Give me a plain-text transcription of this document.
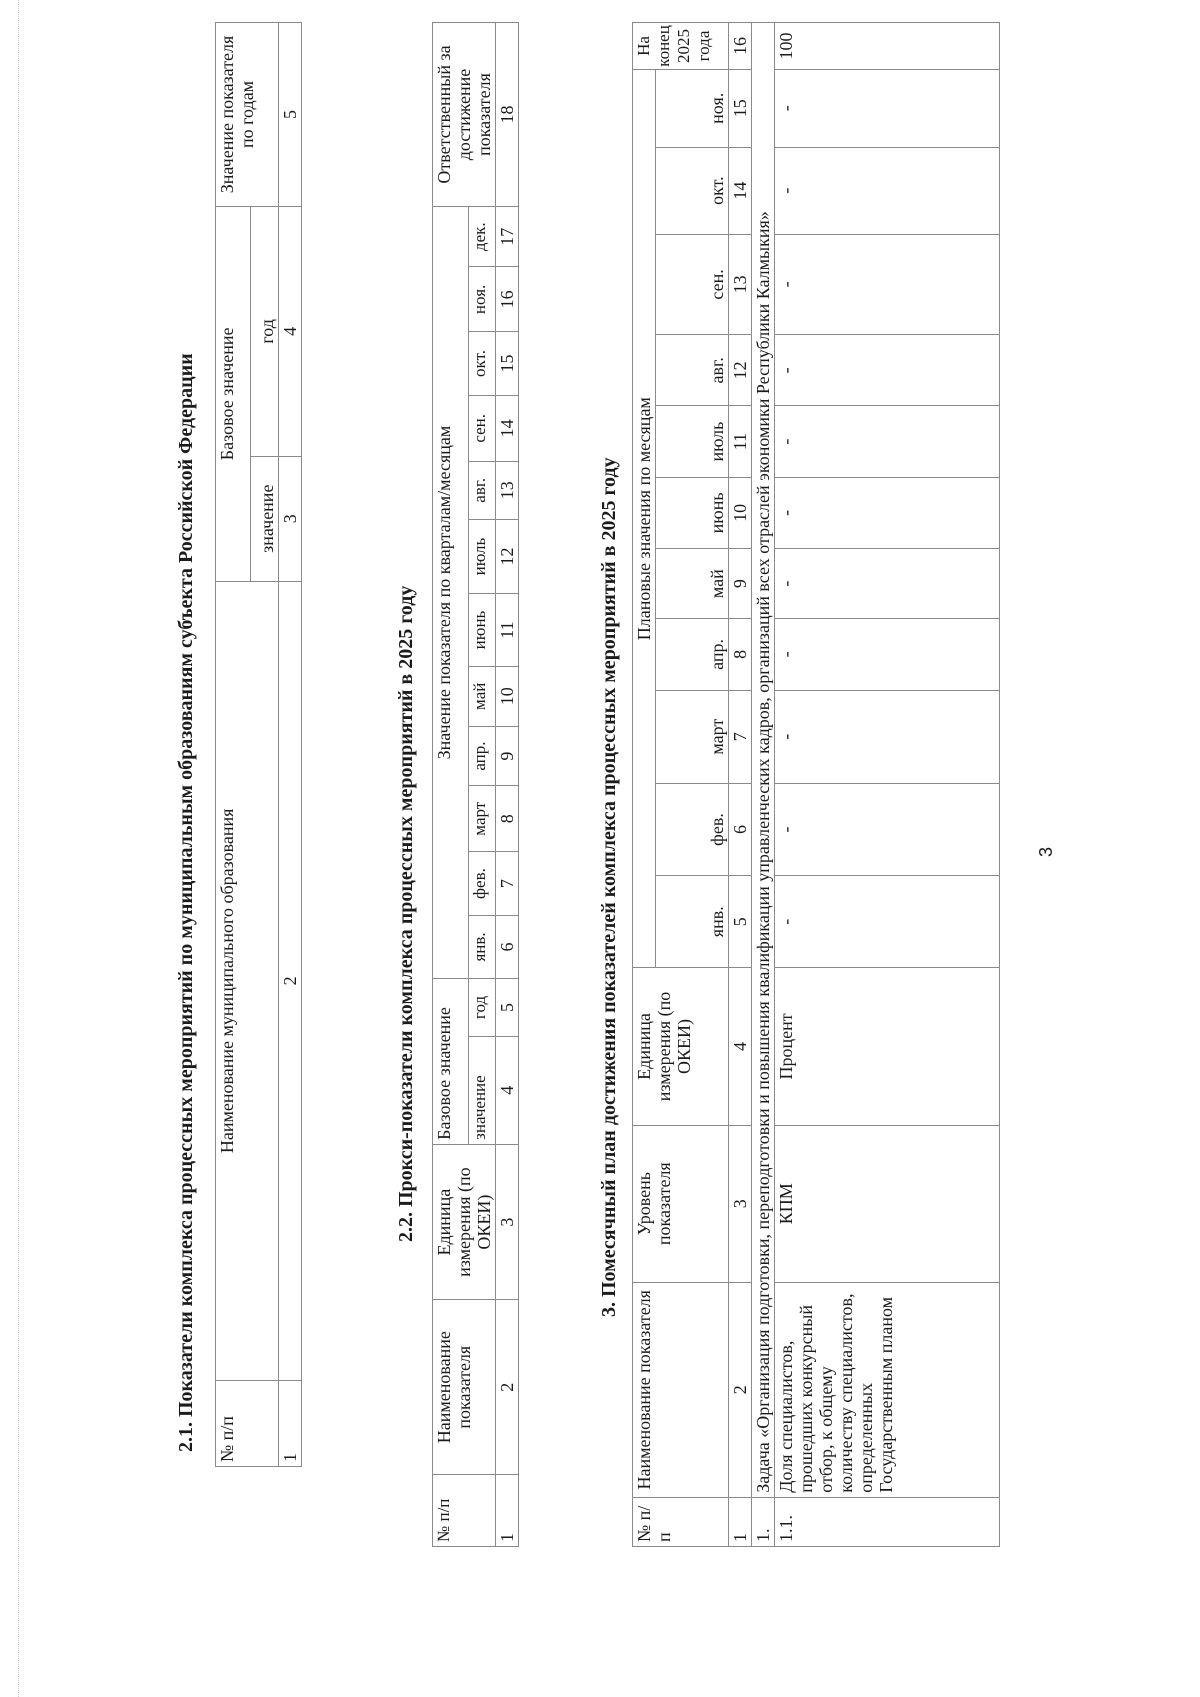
2.1. Показатели комплекса процессных мероприятий по муниципальным образованиям субъекта Российской Федерации № п/п	Наименование муниципального образования	Базовое значение		Значение показателя по годам
		значение	год	
1	2	3	4	5
2.2. Прокси-показатели комплекса процессных мероприятий в 2025 году
№ п/п	Наименование показателя	Единица измерения (по ОКЕИ)	Базовое значение		Значение показателя по кварталам/месяцам												Ответственный за достижение показателя
			значение	год	янв.	фев.	март	апр.	май	июнь	июль	авг.	сен.	окт.	ноя.	дек.	
1	2	3	4	5	6	7	8	9	10	11	12	13	14	15	16	17	18
3. Помесячный план достижения показателей комплекса процессных мероприятий в 2025 году
№ п/п	Наименование показателя	Уровень показателя	Единица измерения (по ОКЕИ)	Плановые значения по месяцам											На конец 2025 года
				янв.	фев.	март	апр.	май	июнь	июль	авг.	сен.	окт.	ноя.	
1	2	3	4	5	6	7	8	9	10	11	12	13	14	15	16
1.	Задача «Организация подготовки, переподготовки и повышения квалификации управленческих кадров, организаций всех отраслей экономики Республики Калмыкия»														
1.1.	Доля специалистов, прошедших конкурсный отбор, к общему количеству специалистов, определенных Государственным планом	КПМ	Процент	-	-	-	-	-	-	-	-	-	-	-	100
3
